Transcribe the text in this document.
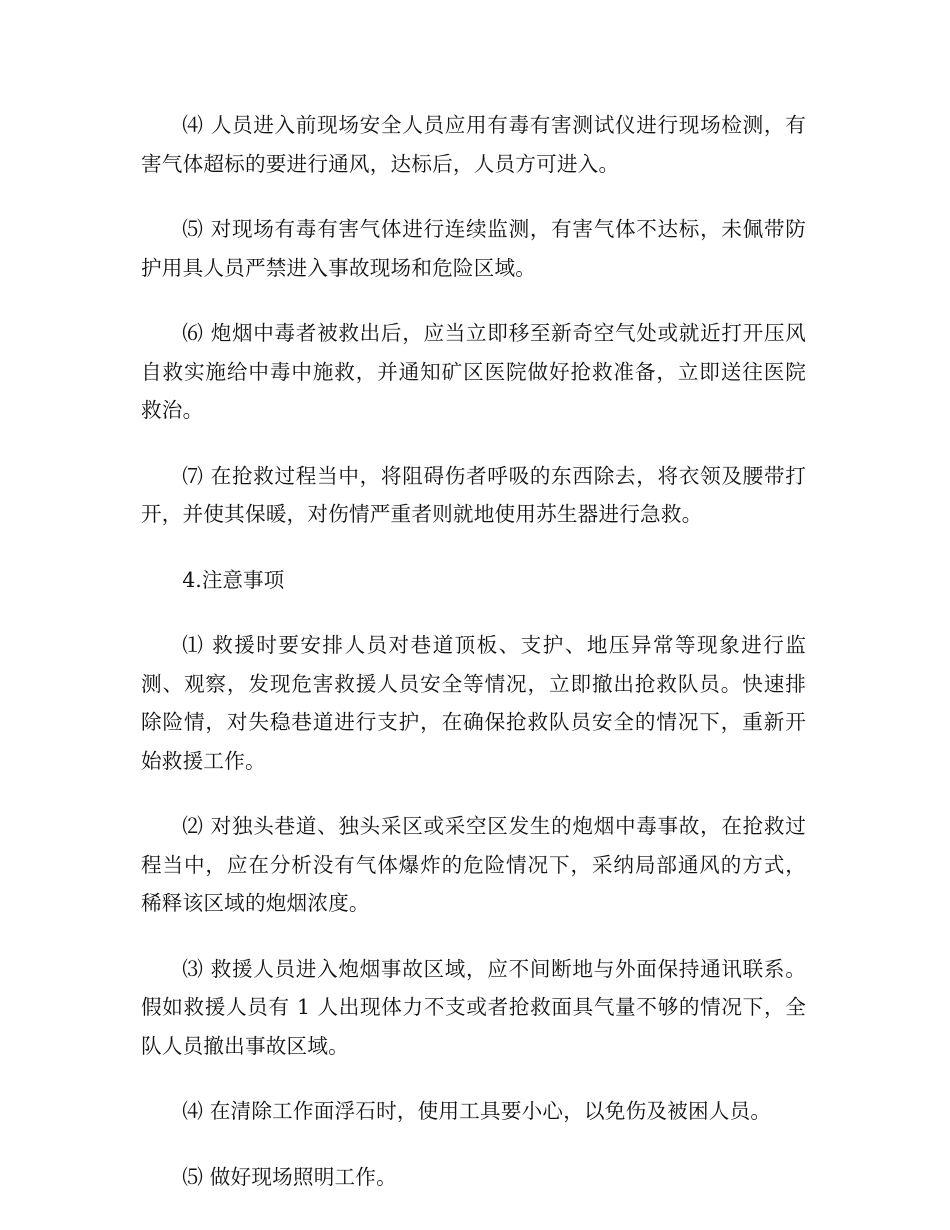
⑷ 人员进入前现场安全人员应用有毒有害测试仪进行现场检测，有害气体超标的要进行通风，达标后，人员方可进入。

⑸ 对现场有毒有害气体进行连续监测，有害气体不达标，未佩带防护用具人员严禁进入事故现场和危险区域。

⑹ 炮烟中毒者被救出后，应当立即移至新奇空气处或就近打开压风自救实施给中毒中施救，并通知矿区医院做好抢救准备，立即送往医院救治。

⑺ 在抢救过程当中，将阻碍伤者呼吸的东西除去，将衣领及腰带打开，并使其保暖，对伤情严重者则就地使用苏生器进行急救。

4.注意事项

⑴ 救援时要安排人员对巷道顶板、支护、地压异常等现象进行监测、观察，发现危害救援人员安全等情况，立即撤出抢救队员。快速排除险情，对失稳巷道进行支护，在确保抢救队员安全的情况下，重新开始救援工作。

⑵ 对独头巷道、独头采区或采空区发生的炮烟中毒事故，在抢救过程当中，应在分析没有气体爆炸的危险情况下，采纳局部通风的方式，稀释该区域的炮烟浓度。

⑶ 救援人员进入炮烟事故区域，应不间断地与外面保持通讯联系。假如救援人员有 1 人出现体力不支或者抢救面具气量不够的情况下，全队人员撤出事故区域。

⑷ 在清除工作面浮石时，使用工具要小心，以免伤及被困人员。

⑸ 做好现场照明工作。
